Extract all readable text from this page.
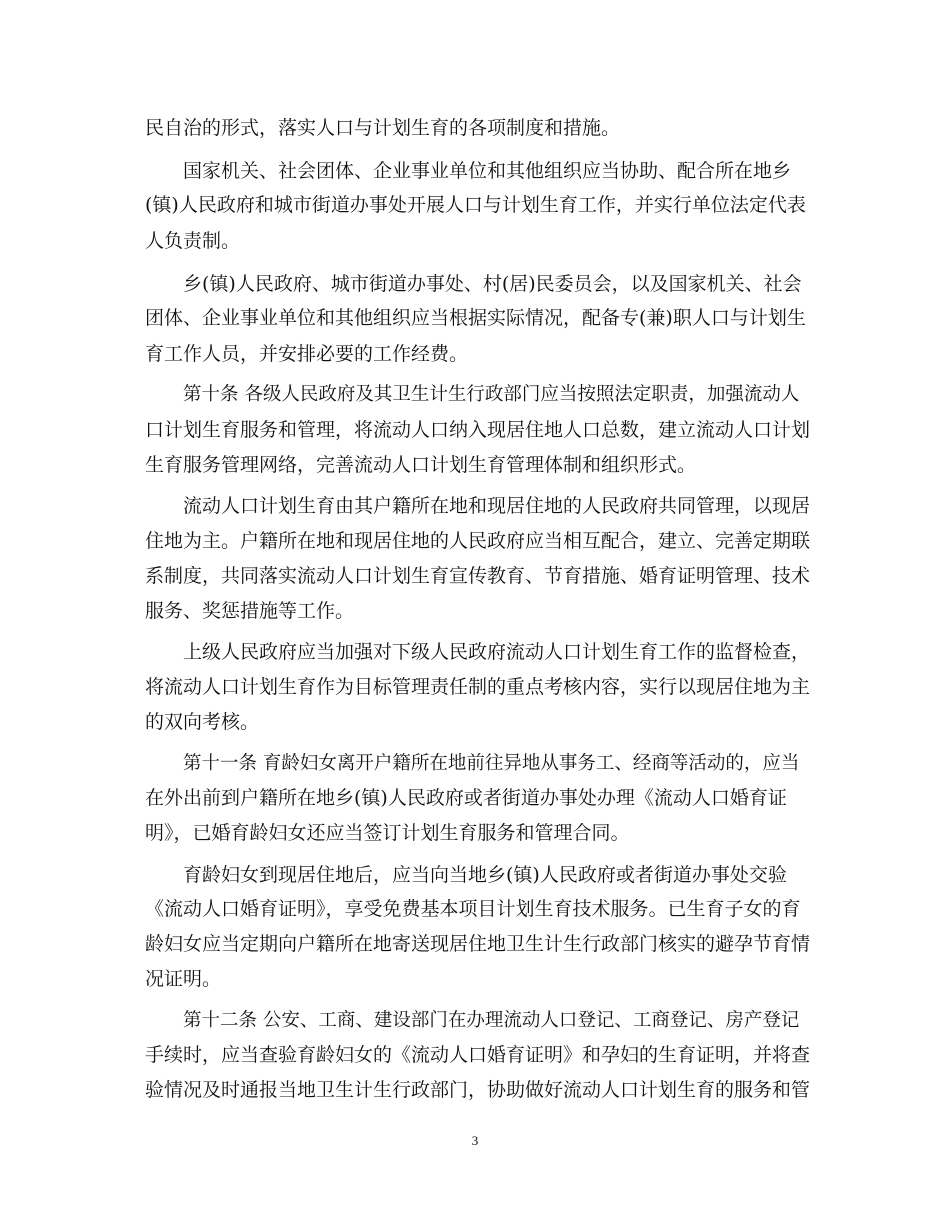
民自治的形式，落实人口与计划生育的各项制度和措施。
国家机关、社会团体、企业事业单位和其他组织应当协助、配合所在地乡
(镇)人民政府和城市街道办事处开展人口与计划生育工作，并实行单位法定代表
人负责制。
乡(镇)人民政府、城市街道办事处、村(居)民委员会，以及国家机关、社会
团体、企业事业单位和其他组织应当根据实际情况，配备专(兼)职人口与计划生
育工作人员，并安排必要的工作经费。
第十条 各级人民政府及其卫生计生行政部门应当按照法定职责，加强流动人
口计划生育服务和管理，将流动人口纳入现居住地人口总数，建立流动人口计划
生育服务管理网络，完善流动人口计划生育管理体制和组织形式。
流动人口计划生育由其户籍所在地和现居住地的人民政府共同管理，以现居
住地为主。户籍所在地和现居住地的人民政府应当相互配合，建立、完善定期联
系制度，共同落实流动人口计划生育宣传教育、节育措施、婚育证明管理、技术
服务、奖惩措施等工作。
上级人民政府应当加强对下级人民政府流动人口计划生育工作的监督检查，
将流动人口计划生育作为目标管理责任制的重点考核内容，实行以现居住地为主
的双向考核。
第十一条 育龄妇女离开户籍所在地前往异地从事务工、经商等活动的，应当
在外出前到户籍所在地乡(镇)人民政府或者街道办事处办理《流动人口婚育证
明》，已婚育龄妇女还应当签订计划生育服务和管理合同。
育龄妇女到现居住地后，应当向当地乡(镇)人民政府或者街道办事处交验
《流动人口婚育证明》，享受免费基本项目计划生育技术服务。已生育子女的育
龄妇女应当定期向户籍所在地寄送现居住地卫生计生行政部门核实的避孕节育情
况证明。
第十二条 公安、工商、建设部门在办理流动人口登记、工商登记、房产登记
手续时，应当查验育龄妇女的《流动人口婚育证明》和孕妇的生育证明，并将查
验情况及时通报当地卫生计生行政部门，协助做好流动人口计划生育的服务和管
3
